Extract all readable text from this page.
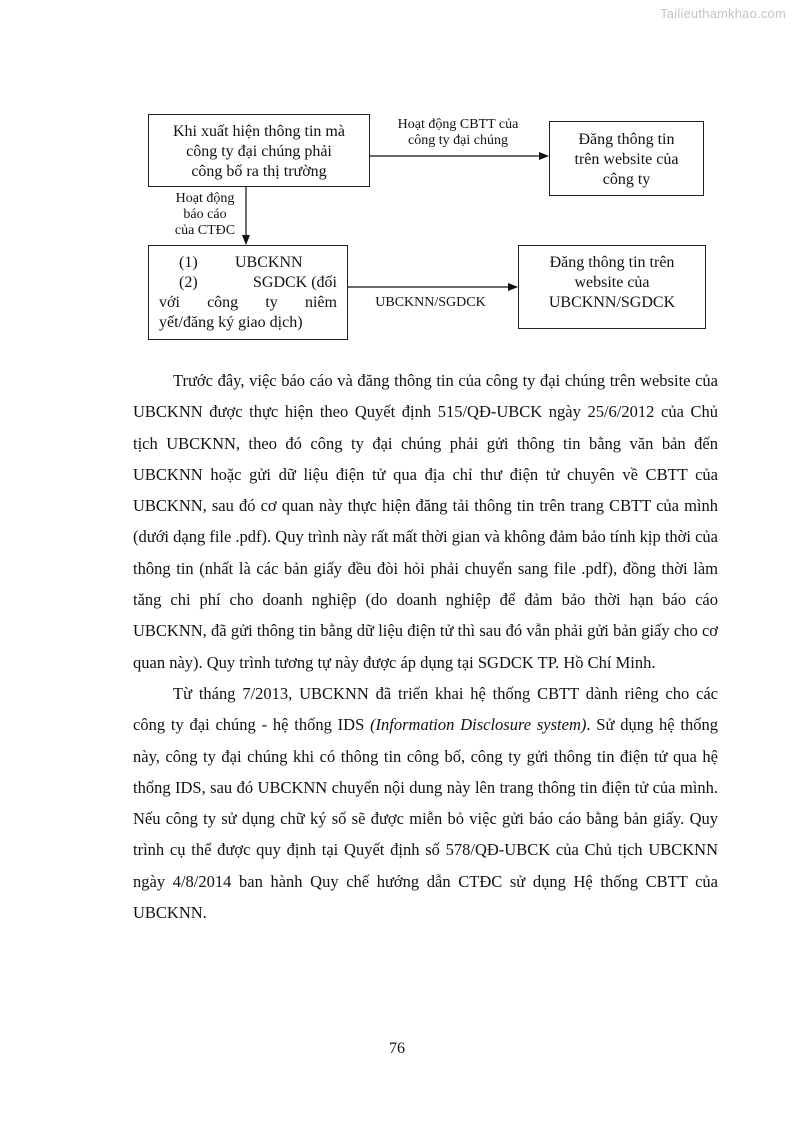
Tailieuthamkhao.com
Khi xuất hiện thông tin mà
công ty đại chúng phải
công bố ra thị trường
Đăng thông tin
trên website của
công ty
(1)	UBCKNN
(2)	SGDCK (đối
với công ty niêm
yết/đăng ký giao dịch)
Đăng thông tin trên
website của
UBCKNN/SGDCK
Hoạt động CBTT của
công ty đại chúng
Hoạt động
báo cáo
của CTĐC
UBCKNN/SGDCK

Trước đây, việc báo cáo và đăng thông tin của công ty đại chúng trên website của UBCKNN được thực hiện theo Quyết định 515/QĐ-UBCK ngày 25/6/2012 của Chủ tịch UBCKNN, theo đó công ty đại chúng phải gửi thông tin bằng văn bản đến UBCKNN hoặc gửi dữ liệu điện tử qua địa chỉ thư điện tử chuyên về CBTT của UBCKNN, sau đó cơ quan này thực hiện đăng tải thông tin trên trang CBTT của mình (dưới dạng file .pdf). Quy trình này rất mất thời gian và không đảm bảo tính kịp thời của thông tin (nhất là các bản giấy đều đòi hỏi phải chuyển sang file .pdf), đồng thời làm tăng chi phí cho doanh nghiệp (do doanh nghiệp để đảm bảo thời hạn báo cáo UBCKNN, đã gửi thông tin bằng dữ liệu điện tử thì sau đó vẫn phải gửi bản giấy cho cơ quan này). Quy trình tương tự này được áp dụng tại SGDCK TP. Hồ Chí Minh.

Từ tháng 7/2013, UBCKNN đã triển khai hệ thống CBTT dành riêng cho các công ty đại chúng - hệ thống IDS (Information Disclosure system). Sử dụng hệ thống này, công ty đại chúng khi có thông tin công bố, công ty gửi thông tin điện tử qua hệ thống IDS, sau đó UBCKNN chuyển nội dung này lên trang thông tin điện tử của mình. Nếu công ty sử dụng chữ ký số sẽ được miễn bỏ việc gửi báo cáo bằng bản giấy. Quy trình cụ thể được quy định tại Quyết định số 578/QĐ-UBCK của Chủ tịch UBCKNN ngày 4/8/2014 ban hành Quy chế hướng dẫn CTĐC sử dụng Hệ thống CBTT của UBCKNN.

76
